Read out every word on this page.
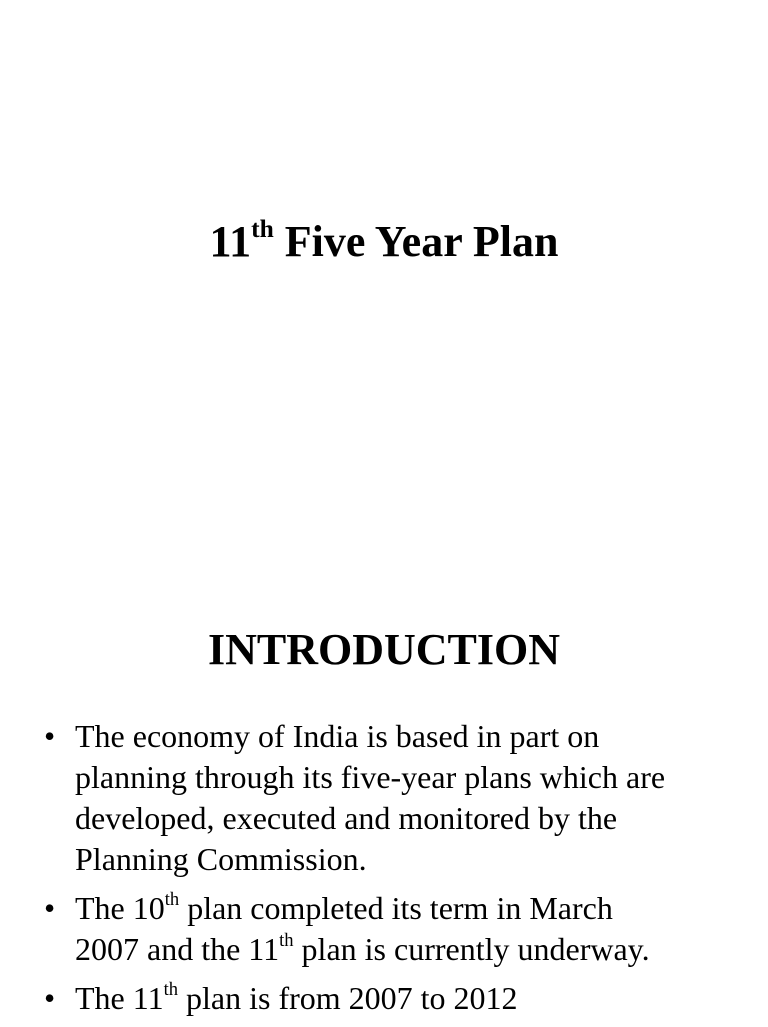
11th Five Year Plan
INTRODUCTION
• The economy of India is based in part on
planning through its five-year plans which are
developed, executed and monitored by the
Planning Commission.
• The 10th plan completed its term in March
2007 and the 11th plan is currently underway.
• The 11th plan is from 2007 to 2012
